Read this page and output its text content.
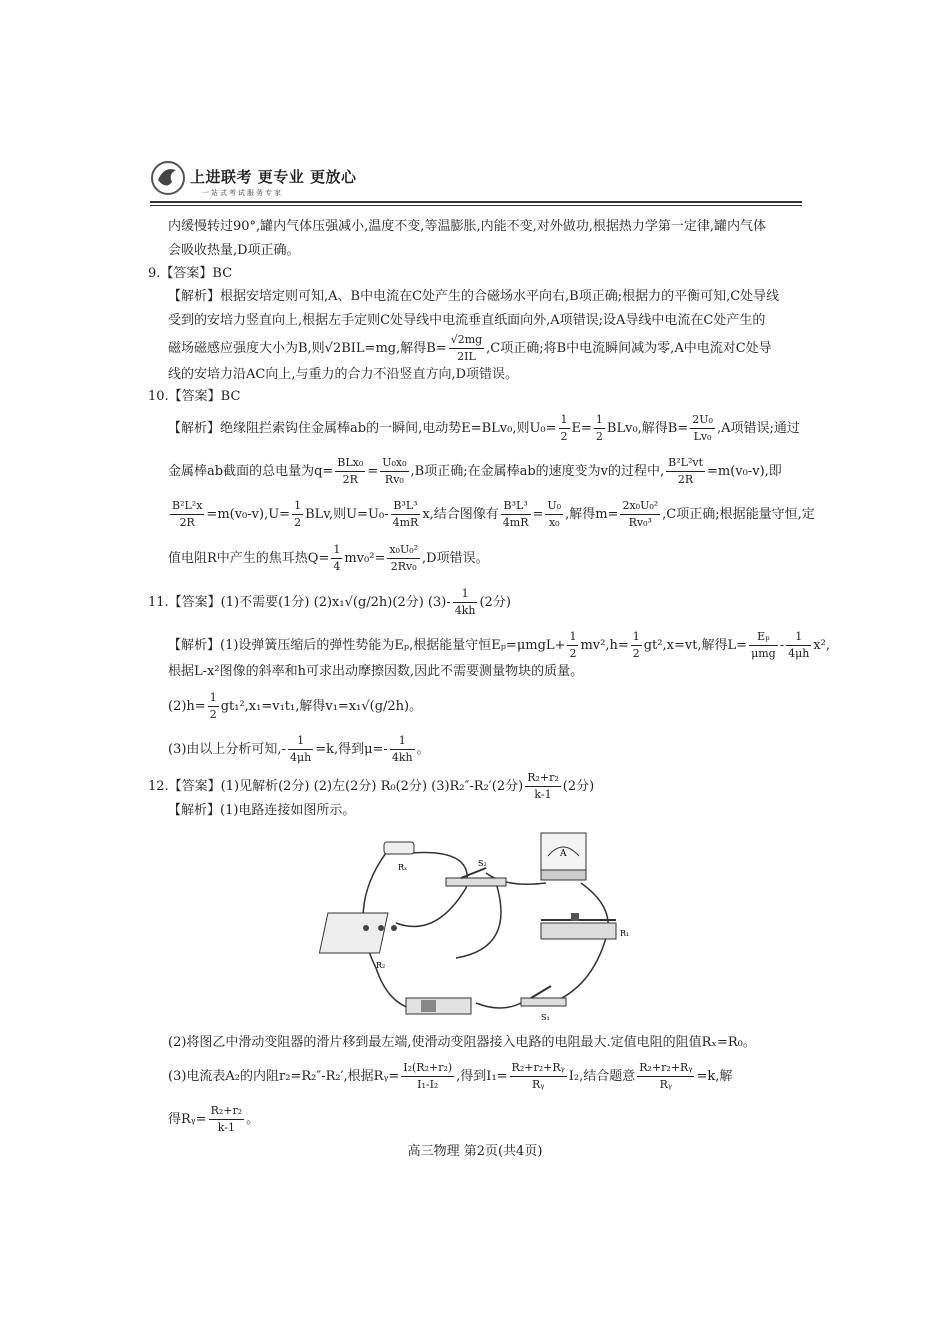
上进联考 更专业 更放心
一站式考试服务专家
内缓慢转过90°,罐内气体压强减小,温度不变,等温膨胀,内能不变,对外做功,根据热力学第一定律,罐内气体
会吸收热量,D项正确。
9.【答案】BC
【解析】根据安培定则可知,A、B中电流在C处产生的合磁场水平向右,B项正确;根据力的平衡可知,C处导线
受到的安培力竖直向上,根据左手定则C处导线中电流垂直纸面向外,A项错误;设A导线中电流在C处产生的
磁场磁感应强度大小为B,则√2BIL=mg,解得$B= \frac{√2mg}{2IL} ,C$项正确;将B中电流瞬间减为零,A中电流对C处导
线的安培力沿AC向上,与重力的合力不沿竖直方向,D项错误。
10.【答案】BC
【解析】绝缘阻拦索钩住金属棒ab的一瞬间,电动势E=BLv₀,则$U_0= \frac{1}{2} E= \frac{1}{2} BLv_0$,解得$B= \frac{\text{2U₀}}{\text{Lv₀}} ,A$项错误;通过
金属棒ab截面的总电量为$q= \frac{\text{BLx₀}}{2R} = \frac{\text{U₀x₀}}{\text{Rv₀}} ,B$项正确;在金属棒ab的速度变为v的过程中, $\frac{\text{B²L²vt}}{2R} =m(v_0-v)$,即
$\frac{\text{B²L²x}}{2R} =m(v_0-v),U= \frac{1}{2}$ BLv,则$U=U_0- \frac{\text{B³L³}}{4mR} x$,结合图像有 $\frac{\text{B³L³}}{4mR} = \frac{\text{U₀}}{\text{x₀}}$ ,解得$m= \frac{\text{2x₀U₀²}}{\text{Rv₀³}} ,C$项正确;根据能量守恒,定
值电阻R中产生的焦耳热$Q= \frac{1}{4} mv_0^2= \frac{\text{x₀U₀²}}{\text{2Rv₀}} ,D$项错误。
11.【答案】(1)不需要(1分) (2)x₁√(g/2h)(2分) $(3)- \frac{1}{4kh} (2$分)
【解析】(1)设弹簧压缩后的弹性势能为Eₚ,根据能量守恒$E_p=\mu mgL+ \frac{1}{2} mv^2,h= \frac{1}{2} gt^2,x=vt$,解得$L= \frac{\text{Eₚ}}{\text{μmg}} - \frac{1}{4\mu h} x^2$,
根据L-x²图像的斜率和h可求出动摩擦因数,因此不需要测量物块的质量。
$(2)h= \frac{1}{2} gt_1^2,x_1=v_1t_1$,解得v₁=x₁√(g/2h)。
(3)由以上分析可知,- $\frac{1}{4\mu h} =k$,得到$\mu=- \frac{1}{4kh}$ 。
12.【答案】(1)见解析(2分) (2)左(2分) R₀(2分) (3)R₂″-R₂′(2分) $\frac{\text{R₂+r₂}}{k-1} (2$分)
【解析】(1)电路连接如图所示。
Rₓ	S₂
A
R₁
R₂
S₁
(2)将图乙中滑动变阻器的滑片移到最左端,使滑动变阻器接入电路的电阻最大.定值电阻的阻值Rₓ=R₀。
(3)电流表A₂的内阻r₂=R₂″-R₂′,根据Rᵧ= $\frac{\text{I₂(R₂+r₂)}}{\text{I₁-I₂}}$ ,得到$I_1= \frac{\text{R₂+r₂+Rᵧ}}{\text{Rᵧ}} I_2$,结合题意 $\frac{\text{R₂+r₂+Rᵧ}}{\text{Rᵧ}} =k$,解
得Rᵧ= $\frac{\text{R₂+r₂}}{k-1}$ 。
高三物理 第2页(共4页)
